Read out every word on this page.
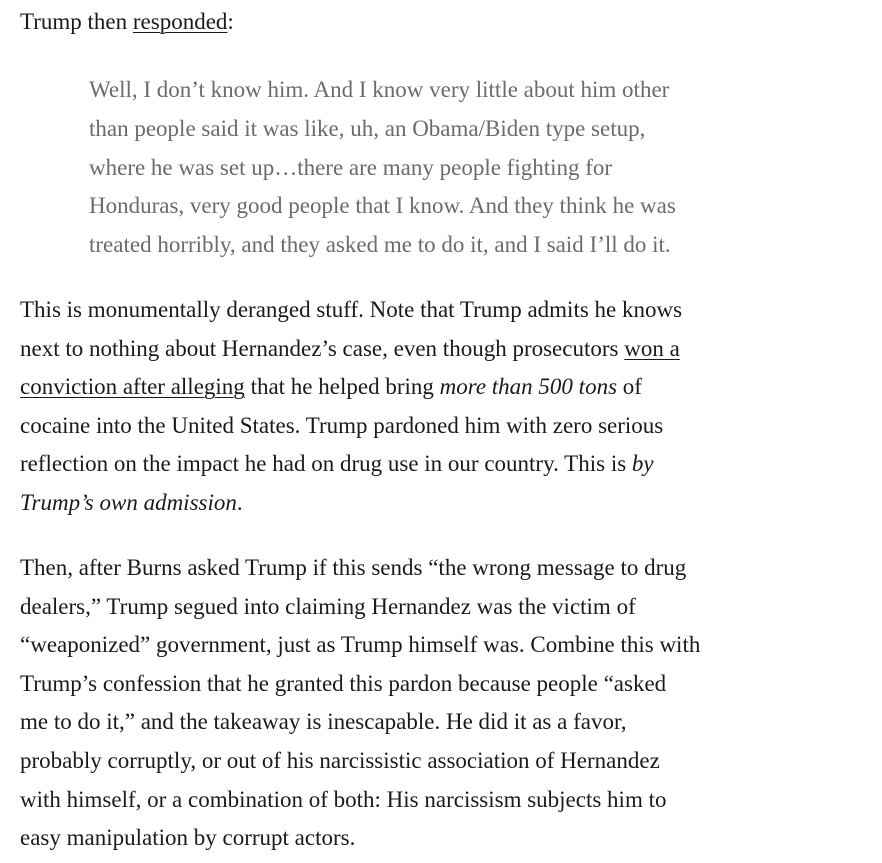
Trump then responded:

Well, I don’t know him. And I know very little about him other
than people said it was like, uh, an Obama/Biden type setup,
where he was set up…there are many people fighting for
Honduras, very good people that I know. And they think he was
treated horribly, and they asked me to do it, and I said I’ll do it.

This is monumentally deranged stuff. Note that Trump admits he knows
next to nothing about Hernandez’s case, even though prosecutors won a
conviction after alleging that he helped bring more than 500 tons of
cocaine into the United States. Trump pardoned him with zero serious
reflection on the impact he had on drug use in our country. This is by
Trump’s own admission.

Then, after Burns asked Trump if this sends “the wrong message to drug
dealers,” Trump segued into claiming Hernandez was the victim of
“weaponized” government, just as Trump himself was. Combine this with
Trump’s confession that he granted this pardon because people “asked
me to do it,” and the takeaway is inescapable. He did it as a favor,
probably corruptly, or out of his narcissistic association of Hernandez
with himself, or a combination of both: His narcissism subjects him to
easy manipulation by corrupt actors.
